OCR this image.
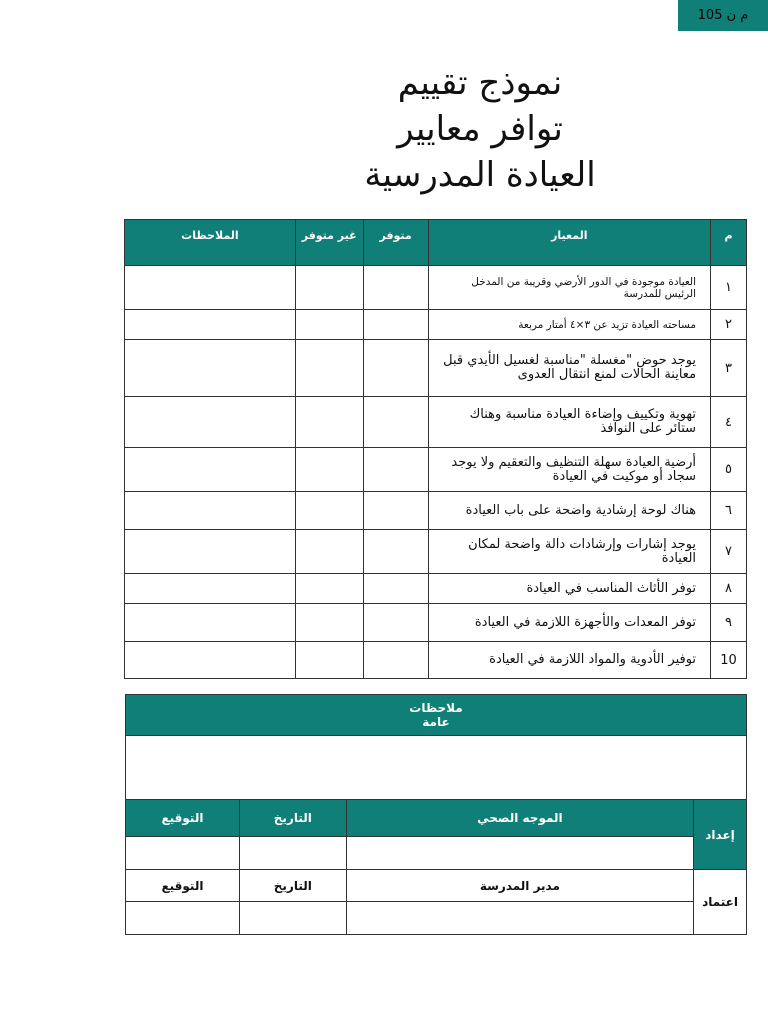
م ن 105
نموذج تقييم
توافر معايير
العيادة المدرسية
م	المعيار	متوفر	غير متوفر	الملاحظات
١	العيادة موجودة في الدور الأرضي وقريبة من المدخل الرئيس للمدرسة			
٢	مساحته العيادة تزيد عن ٣×٤ أمتار مربعة			
٣	يوجد حوض "مغسلة "مناسبة لغسيل الأيدي قبل معاينة الحالات لمنع انتقال العدوى			
٤	تهوية وتكييف وإضاءة العيادة مناسبة وهناك ستائر على النوافذ			
٥	أرضية العيادة سهلة التنظيف والتعقيم ولا يوجد سجاد أو موكيت في العيادة			
٦	هناك لوحة إرشادية واضحة على باب العيادة			
٧	يوجد إشارات وإرشادات دالة واضحة لمكان العيادة			
٨	توفر الأثاث المناسب في العيادة			
٩	توفر المعدات والأجهزة اللازمة في العيادة			
10	توفير الأدوية والمواد اللازمة في العيادة			
ملاحظات عامة			

إعداد	الموجه الصحي	التاريخ	التوقيع

اعتماد	مدير المدرسة	التاريخ	التوقيع
